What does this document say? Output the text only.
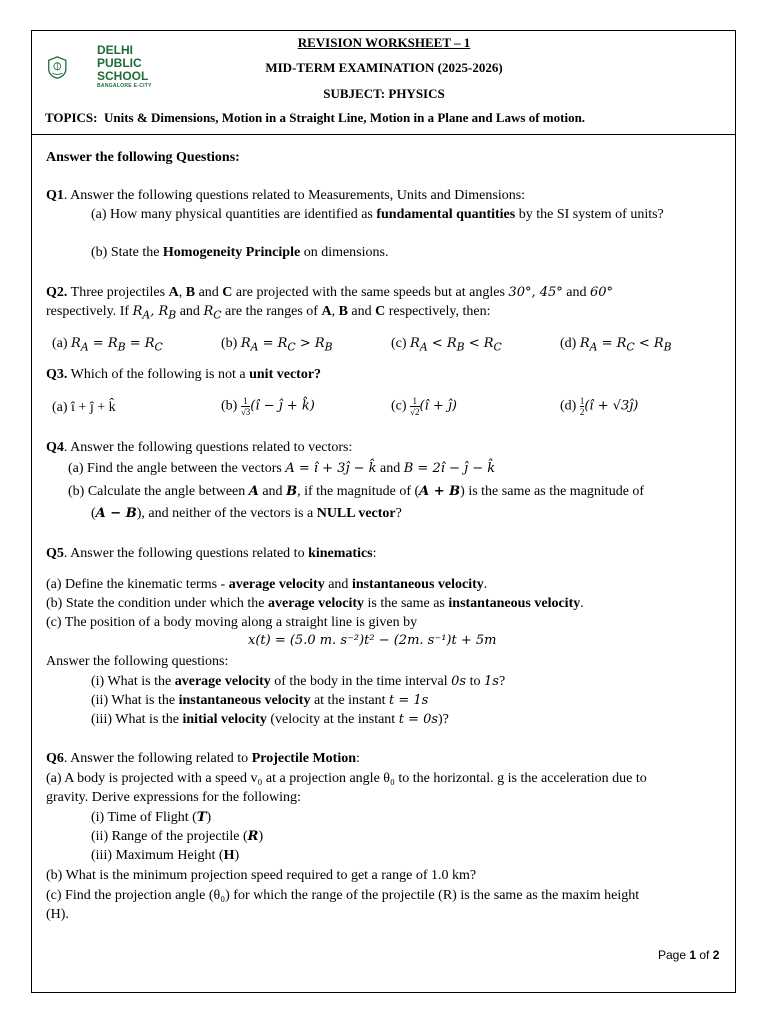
DELHI
PUBLIC
SCHOOL
BANGALORE E-CITY
REVISION WORKSHEET – 1
MID-TERM EXAMINATION (2025-2026)
SUBJECT: PHYSICS
TOPICS: Units & Dimensions, Motion in a Straight Line, Motion in a Plane and Laws of motion.
Answer the following Questions:
Q1. Answer the following questions related to Measurements, Units and Dimensions:
(a) How many physical quantities are identified as fundamental quantities by the SI system of units?
(b) State the Homogeneity Principle on dimensions.
Q2. Three projectiles A, B and C are projected with the same speeds but at angles 30°, 45° and 60°
respectively. If $R_A$, $R_B$ and $R_C$ are the ranges of A, B and C respectively, then:
(a) $R_A = R_B = R_C$	(b) $R_A = R_C > R_B$	(c) $R_A < R_B < R_C$	(d) $R_A = R_C < R_B$
Q3. Which of the following is not a unit vector?
(a) î + ĵ + k̂	$(b) \frac{1}{√3}$ (î − ĵ + k̂)	$(c) \frac{1}{√2}$ (î + ĵ)	$(d) \frac{1}{2}$ (î + √3ĵ)
Q4. Answer the following questions related to vectors:
(a) Find the angle between the vectors A = î + 3ĵ − k̂ and B = 2î − ĵ − k̂
(b) Calculate the angle between A and B, if the magnitude of (A + B) is the same as the magnitude of
(A − B), and neither of the vectors is a NULL vector?
Q5. Answer the following questions related to kinematics:
(a) Define the kinematic terms - average velocity and instantaneous velocity.
(b) State the condition under which the average velocity is the same as instantaneous velocity.
(c) The position of a body moving along a straight line is given by
x(t) = (5.0 m. s⁻²)t² − (2m. s⁻¹)t + 5m
Answer the following questions:
(i) What is the average velocity of the body in the time interval 0s to 1s?
(ii) What is the instantaneous velocity at the instant t = 1s
(iii) What is the initial velocity (velocity at the instant t = 0s)?
Q6. Answer the following related to Projectile Motion:
(a) A body is projected with a speed v₀ at a projection angle θ₀ to the horizontal. g is the acceleration due to
gravity. Derive expressions for the following:
(i) Time of Flight (T)
(ii) Range of the projectile (R)
(iii) Maximum Height (H)
(b) What is the minimum projection speed required to get a range of 1.0 km?
(c) Find the projection angle (θ₀) for which the range of the projectile (R) is the same as the maxim height
(H).
Page 1 of 2
